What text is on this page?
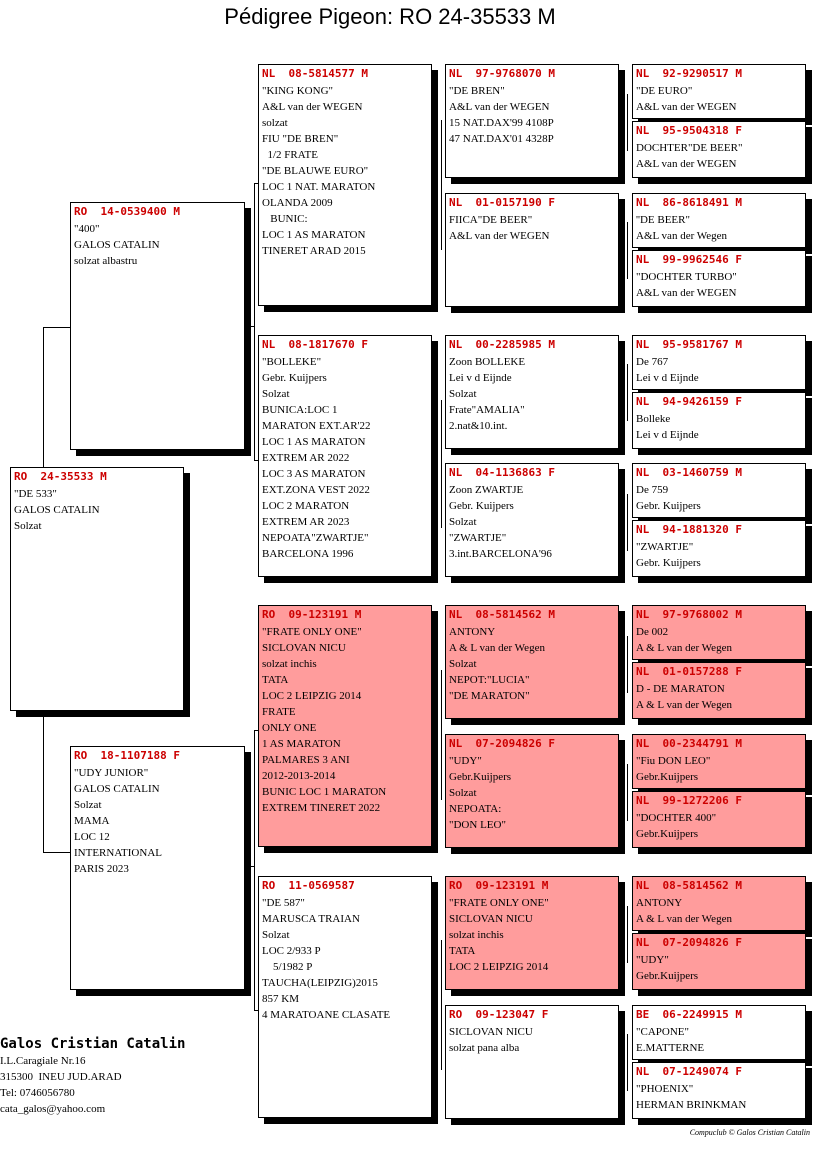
Pédigree Pigeon: RO 24-35533 M
RO  24-35533 M
"DE 533"
GALOS CATALIN
Solzat
RO  14-0539400 M
"400"
GALOS CATALIN
solzat albastru
RO  18-1107188 F
"UDY JUNIOR"
GALOS CATALIN
Solzat
MAMA
LOC 12
INTERNATIONAL
PARIS 2023
NL  08-5814577 M
"KING KONG"
A&L van der WEGEN
solzat
FIU "DE BREN"
1/2 FRATE
"DE BLAUWE EURO"
LOC 1 NAT. MARATON
OLANDA 2009
BUNIC:
LOC 1 AS MARATON
TINERET ARAD 2015
NL  08-1817670 F
"BOLLEKE"
Gebr. Kuijpers
Solzat
BUNICA:LOC 1
MARATON EXT.AR'22
LOC 1 AS MARATON
EXTREM AR 2022
LOC 3 AS MARATON
EXT.ZONA VEST 2022
LOC 2 MARATON
EXTREM AR 2023
NEPOATA"ZWARTJE"
BARCELONA 1996
RO  09-123191 M
"FRATE ONLY ONE"
SICLOVAN NICU
solzat inchis
TATA
LOC 2 LEIPZIG 2014
FRATE
ONLY ONE
1 AS MARATON
PALMARES 3 ANI
2012-2013-2014
BUNIC LOC 1 MARATON
EXTREM TINERET 2022
RO  11-0569587
"DE 587"
MARUSCA TRAIAN
Solzat
LOC 2/933 P
5/1982 P
TAUCHA(LEIPZIG)2015
857 KM
4 MARATOANE CLASATE
NL  97-9768070 M
"DE BREN"
A&L van der WEGEN
15 NAT.DAX'99 4108P
47 NAT.DAX'01 4328P
NL  01-0157190 F
FIICA"DE BEER"
A&L van der WEGEN
NL  00-2285985 M
Zoon BOLLEKE
Lei v d Eijnde
Solzat
Frate"AMALIA"
2.nat&10.int.
NL  04-1136863 F
Zoon ZWARTJE
Gebr. Kuijpers
Solzat
"ZWARTJE"
3.int.BARCELONA'96
NL  08-5814562 M
ANTONY
A & L van der Wegen
Solzat
NEPOT:"LUCIA"
"DE MARATON"
NL  07-2094826 F
"UDY"
Gebr.Kuijpers
Solzat
NEPOATA:
"DON LEO"
RO  09-123191 M
"FRATE ONLY ONE"
SICLOVAN NICU
solzat inchis
TATA
LOC 2 LEIPZIG 2014
RO  09-123047 F
SICLOVAN NICU
solzat pana alba
NL  92-9290517 M
"DE EURO"
A&L van der WEGEN
NL  95-9504318 F
DOCHTER"DE BEER"
A&L van der WEGEN
NL  86-8618491 M
''DE BEER"
A&L van der Wegen
NL  99-9962546 F
"DOCHTER TURBO"
A&L van der WEGEN
NL  95-9581767 M
De 767
Lei v d Eijnde
NL  94-9426159 F
Bolleke
Lei v d Eijnde
NL  03-1460759 M
De 759
Gebr. Kuijpers
NL  94-1881320 F
"ZWARTJE"
Gebr. Kuijpers
NL  97-9768002 M
De 002
A & L van der Wegen
NL  01-0157288 F
D - DE MARATON
A & L van der Wegen
NL  00-2344791 M
"Fiu DON LEO"
Gebr.Kuijpers
NL  99-1272206 F
"DOCHTER 400"
Gebr.Kuijpers
NL  08-5814562 M
ANTONY
A & L van der Wegen
NL  07-2094826 F
"UDY"
Gebr.Kuijpers
BE  06-2249915 M
"CAPONE"
E.MATTERNE
NL  07-1249074 F
"PHOENIX"
HERMAN BRINKMAN
Galos Cristian Catalin
I.L.Caragiale Nr.16
315300  INEU JUD.ARAD
Tel: 0746056780
cata_galos@yahoo.com
Compuclub © Galos Cristian Catalin
